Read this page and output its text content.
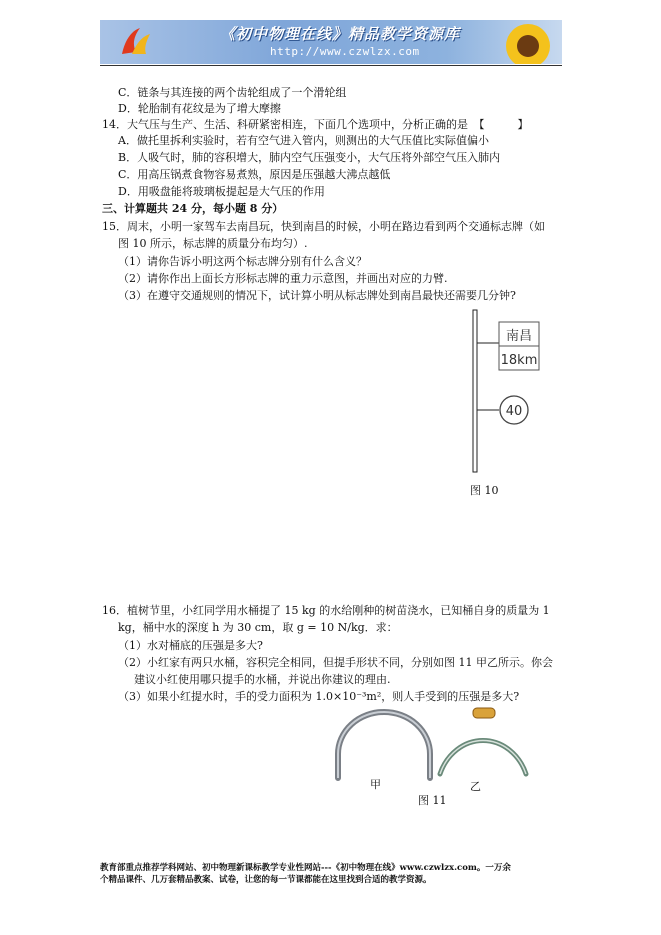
《初中物理在线》精品教学资源库
http://www.czwlzx.com
C．链条与其连接的两个齿轮组成了一个滑轮组
D．轮胎制有花纹是为了增大摩擦
14．大气压与生产、生活、科研紧密相连，下面几个选项中，分析正确的是　【　　　】
A．做托里拆利实验时，若有空气进入管内，则测出的大气压值比实际值偏小
B．人吸气时，肺的容积增大，肺内空气压强变小，大气压将外部空气压入肺内
C．用高压锅煮食物容易煮熟，原因是压强越大沸点越低
D．用吸盘能将玻璃板提起是大气压的作用
三、计算题共 24 分，每小题 8 分）
15．周末，小明一家驾车去南昌玩，快到南昌的时候，小明在路边看到两个交通标志牌（如
图 10 所示，标志牌的质量分布均匀）.
（1）请你告诉小明这两个标志牌分别有什么含义？
（2）请你作出上面长方形标志牌的重力示意图，并画出对应的力臂.
（3）在遵守交通规则的情况下，试计算小明从标志牌处到南昌最快还需要几分钟?
南昌
18km
40
图 10
16．植树节里，小红同学用水桶提了 15 kg 的水给刚种的树苗浇水，已知桶自身的质量为 1
kg，桶中水的深度 h 为 30 cm，取 g = 10 N/kg．求：
（1）水对桶底的压强是多大?
（2）小红家有两只水桶，容积完全相同，但提手形状不同，分别如图 11 甲乙所示。你会
建议小红使用哪只提手的水桶，并说出你建议的理由.
（3）如果小红提水时，手的受力面积为 1.0×10⁻³m²，则人手受到的压强是多大?
甲	乙
图 11
教育部重点推荐学科网站、初中物理新课标教学专业性网站---《初中物理在线》www.czwlzx.com。一万余
个精品课件、几万套精品教案、试卷，让您的每一节课都能在这里找到合适的教学资源。
